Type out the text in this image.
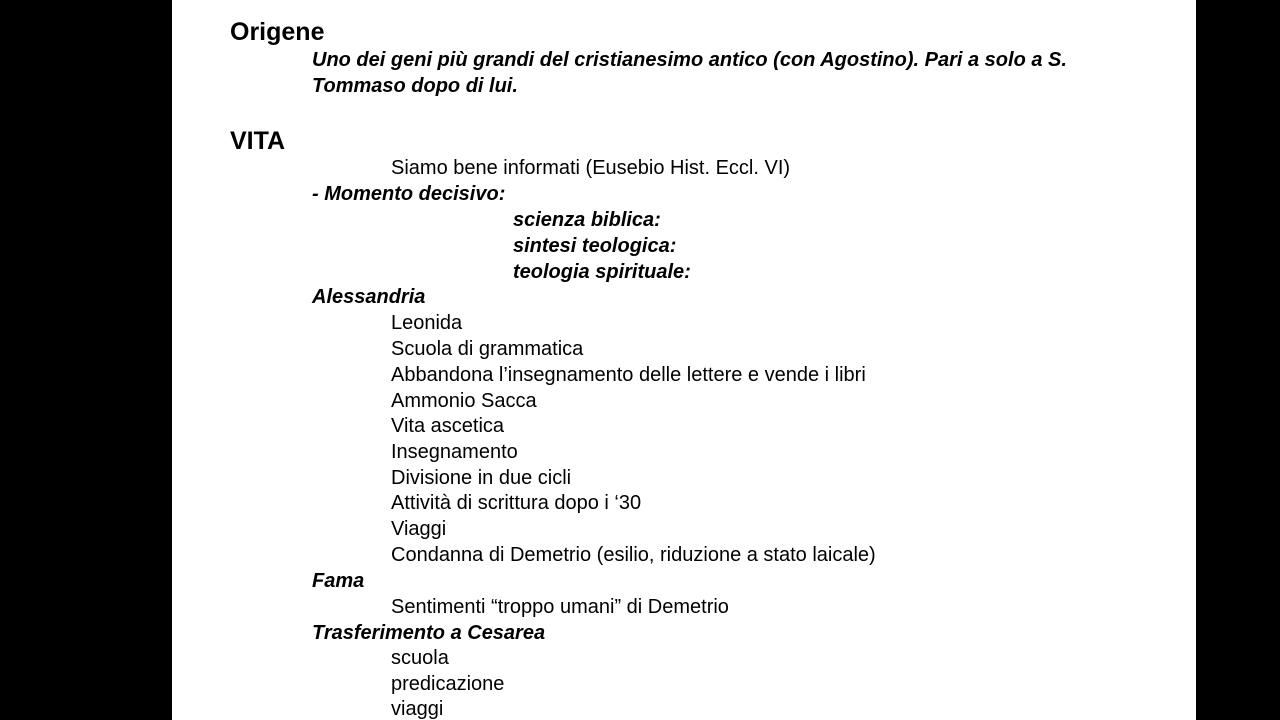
Origene
Uno dei geni più grandi del cristianesimo antico (con Agostino). Pari a solo a S.
Tommaso dopo di lui.
VITA
Siamo bene informati (Eusebio Hist. Eccl. VI)
- Momento decisivo:
scienza biblica:
sintesi teologica:
teologia spirituale:
Alessandria
Leonida
Scuola di grammatica
Abbandona l’insegnamento delle lettere e vende i libri
Ammonio Sacca
Vita ascetica
Insegnamento
Divisione in due cicli
Attività di scrittura dopo i ‘30
Viaggi
Condanna di Demetrio (esilio, riduzione a stato laicale)
Fama
Sentimenti “troppo umani” di Demetrio
Trasferimento a Cesarea
scuola
predicazione
viaggi
